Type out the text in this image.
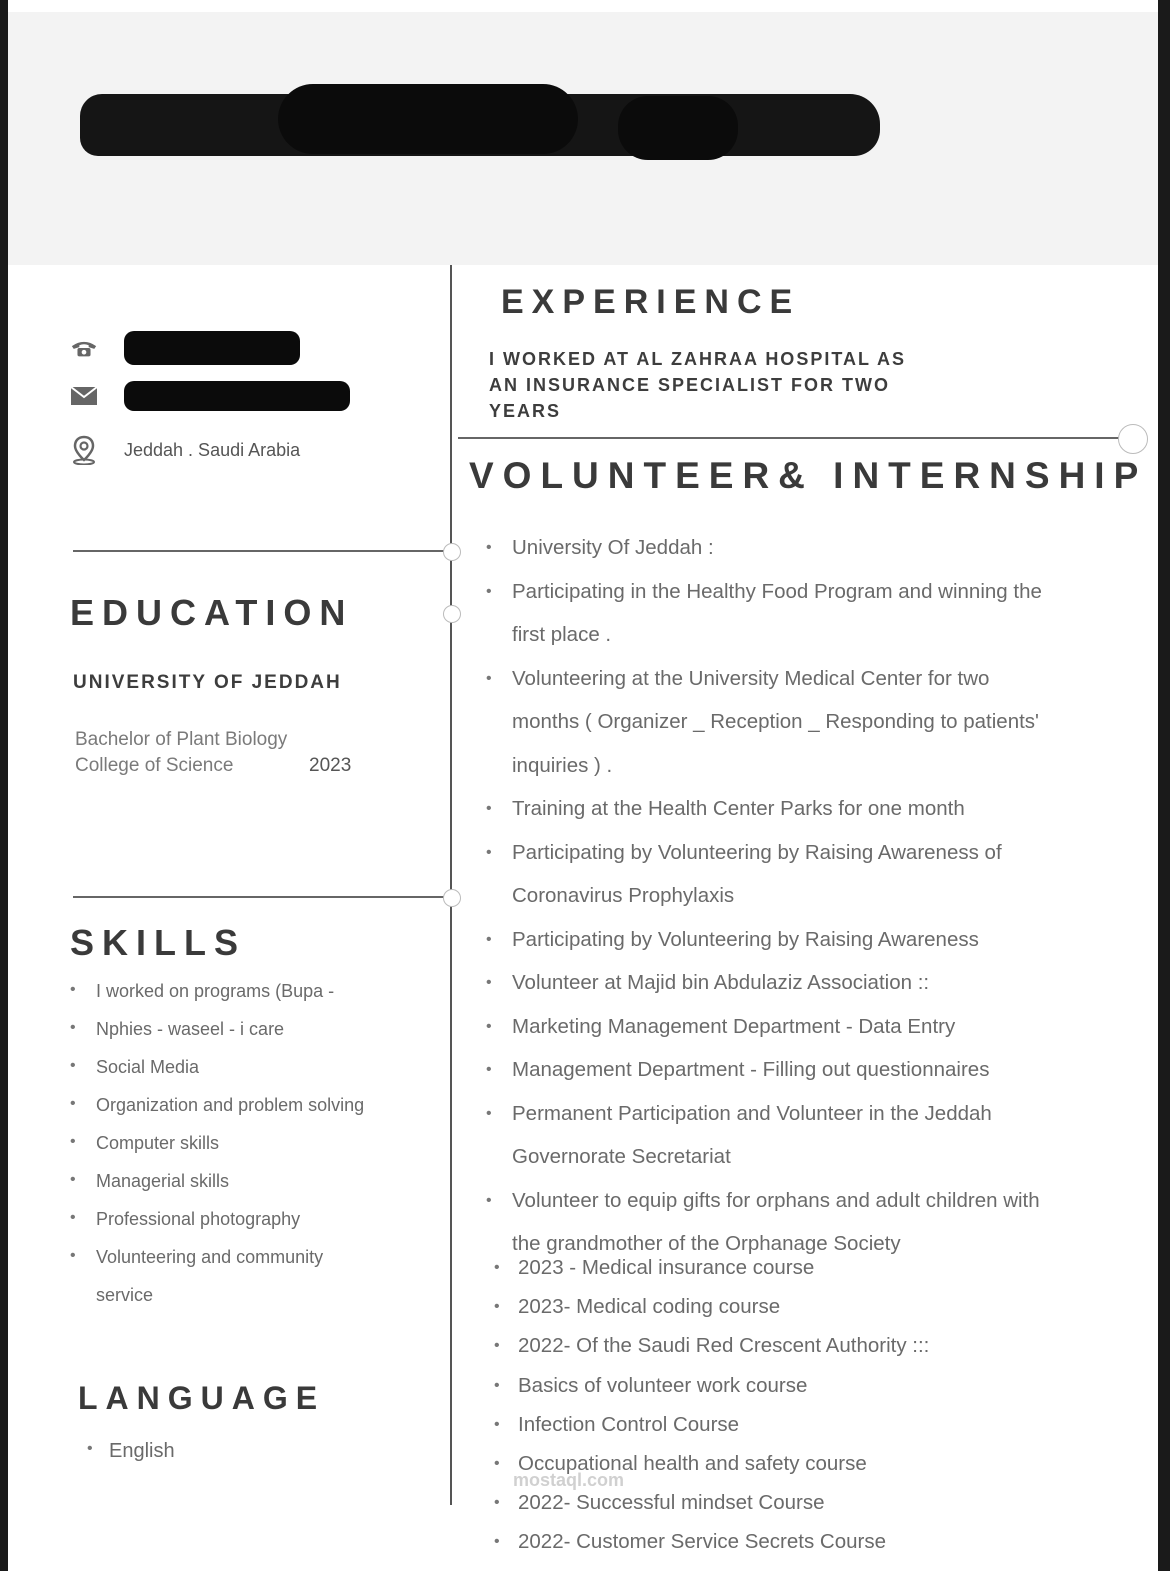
Jeddah . Saudi Arabia
EDUCATION
UNIVERSITY OF JEDDAH
Bachelor of Plant Biology
College of Science	2023
SKILLS
• I worked on programs (Bupa -
• Nphies - waseel - i care
• Social Media
• Organization and problem solving
• Computer skills
• Managerial skills
• Professional photography
• Volunteering and community
service
LANGUAGE
• English
EXPERIENCE
I WORKED AT AL ZAHRAA HOSPITAL AS
AN INSURANCE SPECIALIST FOR TWO
YEARS
VOLUNTEER& INTERNSHIP
• University Of Jeddah :
• Participating in the Healthy Food Program and winning the
first place .
• Volunteering at the University Medical Center for two
months ( Organizer _ Reception _ Responding to patients'
inquiries ) .
• Training at the Health Center Parks for one month
• Participating by Volunteering by Raising Awareness of
Coronavirus Prophylaxis
• Participating by Volunteering by Raising Awareness
• Volunteer at Majid bin Abdulaziz Association ::
• Marketing Management Department - Data Entry
• Management Department - Filling out questionnaires
• Permanent Participation and Volunteer in the Jeddah
Governorate Secretariat
• Volunteer to equip gifts for orphans and adult children with
the grandmother of the Orphanage Society
• 2023 - Medical insurance course
• 2023- Medical coding course
• 2022- Of the Saudi Red Crescent Authority :::
• Basics of volunteer work course
• Infection Control Course
• Occupational health and safety course
• 2022- Successful mindset Course
• 2022- Customer Service Secrets Course
mostaql.com
